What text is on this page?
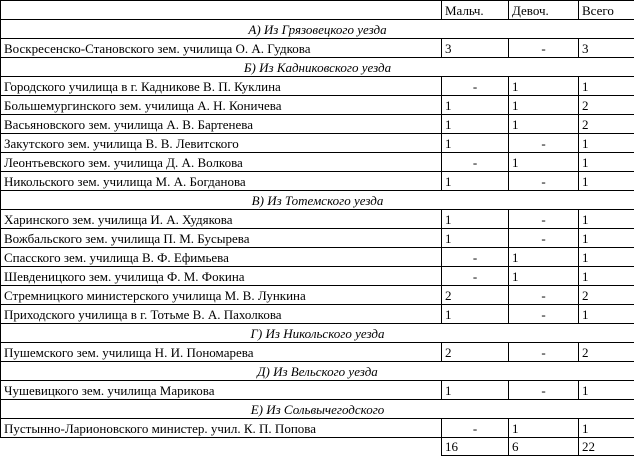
	Мальч.	Девоч.	Всего
А) Из Грязовецкого уезда			
Воскресенско-Становского зем. училища О. А. Гудкова	3	-	3
Б) Из Кадниковского уезда			
Городского училища в г. Кадникове В. П. Куклина	-	1	1
Большемургинского зем. училища А. Н. Коничева	1	1	2
Васьяновского зем. училища А. В. Бартенева	1	1	2
Закутского зем. училища В. В. Левитского	1	-	1
Леонтьевского зем. училища Д. А. Волкова	-	1	1
Никольского зем. училища М. А. Богданова	1	-	1
В) Из Тотемского уезда			
Харинского зем. училища И. А. Худякова	1	-	1
Вожбальского зем. училища П. М. Бусырева	1	-	1
Спасского зем. училища В. Ф. Ефимьева	-	1	1
Шевденицкого зем. училища Ф. М. Фокина	-	1	1
Стремницкого министерского училища М. В. Лункина	2	-	2
Приходского училища в г. Тотьме В. А. Пахолкова	1	-	1
Г) Из Никольского уезда			
Пушемского зем. училища Н. И. Пономарева	2	-	2
Д) Из Вельского уезда			
Чушевицкого зем. училища Марикова	1	-	1
Е) Из Сольвычегодского			
Пустынно-Ларионовского министер. учил. К. П. Попова	-	1	1
	16	6	22
